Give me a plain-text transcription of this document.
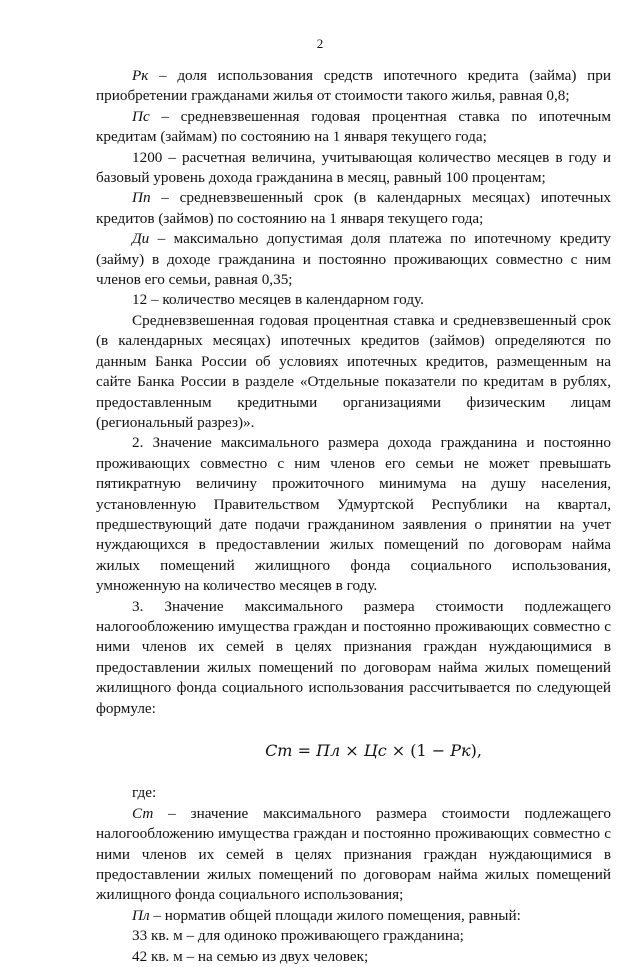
2

Рк – доля использования средств ипотечного кредита (займа) при приобретении гражданами жилья от стоимости такого жилья, равная 0,8;

Пс – средневзвешенная годовая процентная ставка по ипотечным кредитам (займам) по состоянию на 1 января текущего года;

1200 – расчетная величина, учитывающая количество месяцев в году и базовый уровень дохода гражданина в месяц, равный 100 процентам;

Пп – средневзвешенный срок (в календарных месяцах) ипотечных кредитов (займов) по состоянию на 1 января текущего года;

Ди – максимально допустимая доля платежа по ипотечному кредиту (займу) в доходе гражданина и постоянно проживающих совместно с ним членов его семьи, равная 0,35;

12 – количество месяцев в календарном году.

Средневзвешенная годовая процентная ставка и средневзвешенный срок (в календарных месяцах) ипотечных кредитов (займов) определяются по данным Банка России об условиях ипотечных кредитов, размещенным на сайте Банка России в разделе «Отдельные показатели по кредитам в рублях, предоставленным кредитными организациями физическим лицам (региональный разрез)».

2. Значение максимального размера дохода гражданина и постоянно проживающих совместно с ним членов его семьи не может превышать пятикратную величину прожиточного минимума на душу населения, установленную Правительством Удмуртской Республики на квартал, предшествующий дате подачи гражданином заявления о принятии на учет нуждающихся в предоставлении жилых помещений по договорам найма жилых помещений жилищного фонда социального использования, умноженную на количество месяцев в году.

3. Значение максимального размера стоимости подлежащего налогообложению имущества граждан и постоянно проживающих совместно с ними членов их семей в целях признания граждан нуждающимися в предоставлении жилых помещений по договорам найма жилых помещений жилищного фонда социального использования рассчитывается по следующей формуле:

Ст = Пл × Цс × (1 − Рк),

где:

Ст – значение максимального размера стоимости подлежащего налогообложению имущества граждан и постоянно проживающих совместно с ними членов их семей в целях признания граждан нуждающимися в предоставлении жилых помещений по договорам найма жилых помещений жилищного фонда социального использования;

Пл – норматив общей площади жилого помещения, равный:

33 кв. м – для одиноко проживающего гражданина;

42 кв. м – на семью из двух человек;
